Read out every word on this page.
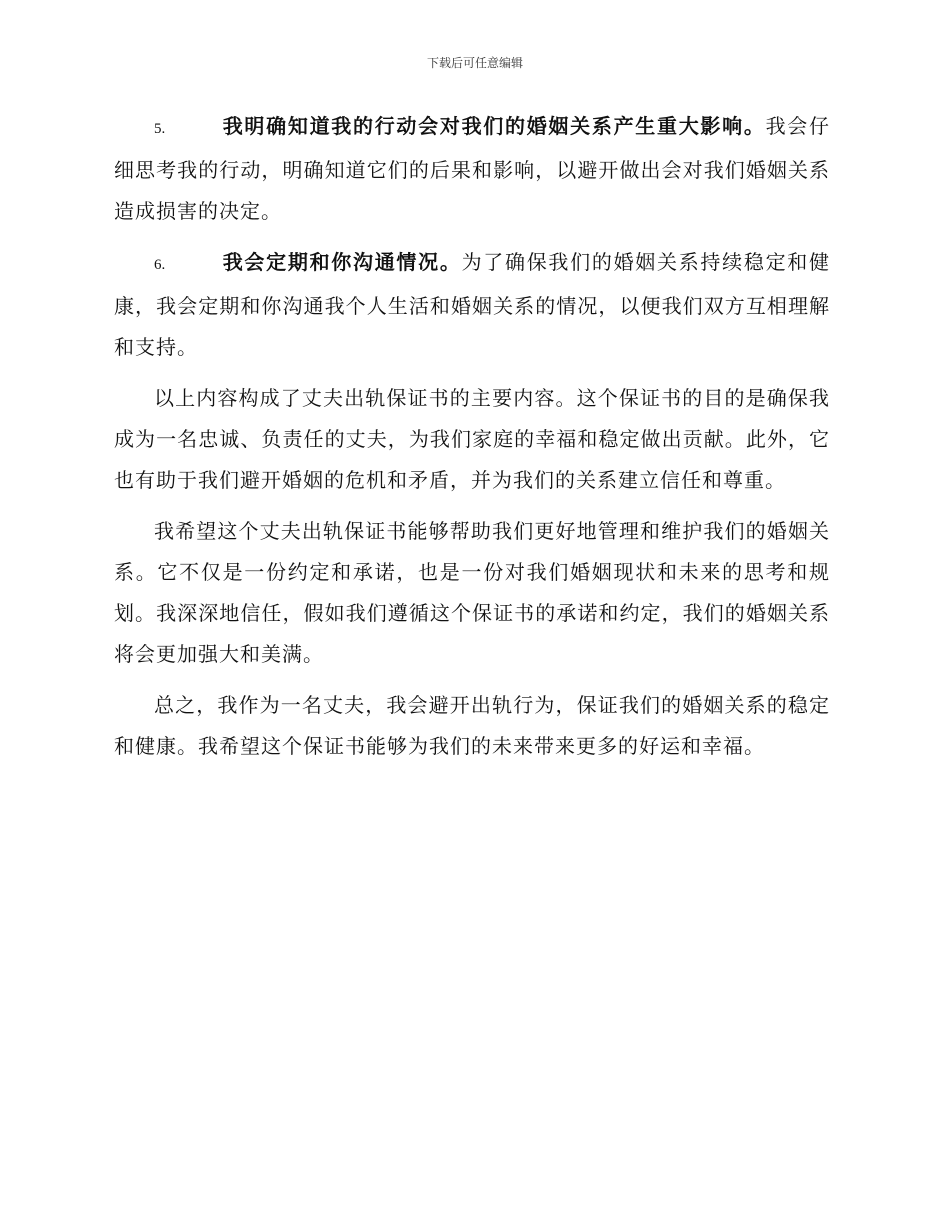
下载后可任意编辑

5.	我明确知道我的行动会对我们的婚姻关系产生重大影响。我会仔细思考我的行动，明确知道它们的后果和影响，以避开做出会对我们婚姻关系造成损害的决定。

6.	我会定期和你沟通情况。为了确保我们的婚姻关系持续稳定和健康，我会定期和你沟通我个人生活和婚姻关系的情况，以便我们双方互相理解和支持。

以上内容构成了丈夫出轨保证书的主要内容。这个保证书的目的是确保我成为一名忠诚、负责任的丈夫，为我们家庭的幸福和稳定做出贡献。此外，它也有助于我们避开婚姻的危机和矛盾，并为我们的关系建立信任和尊重。

我希望这个丈夫出轨保证书能够帮助我们更好地管理和维护我们的婚姻关系。它不仅是一份约定和承诺，也是一份对我们婚姻现状和未来的思考和规划。我深深地信任，假如我们遵循这个保证书的承诺和约定，我们的婚姻关系将会更加强大和美满。

总之，我作为一名丈夫，我会避开出轨行为，保证我们的婚姻关系的稳定和健康。我希望这个保证书能够为我们的未来带来更多的好运和幸福。
